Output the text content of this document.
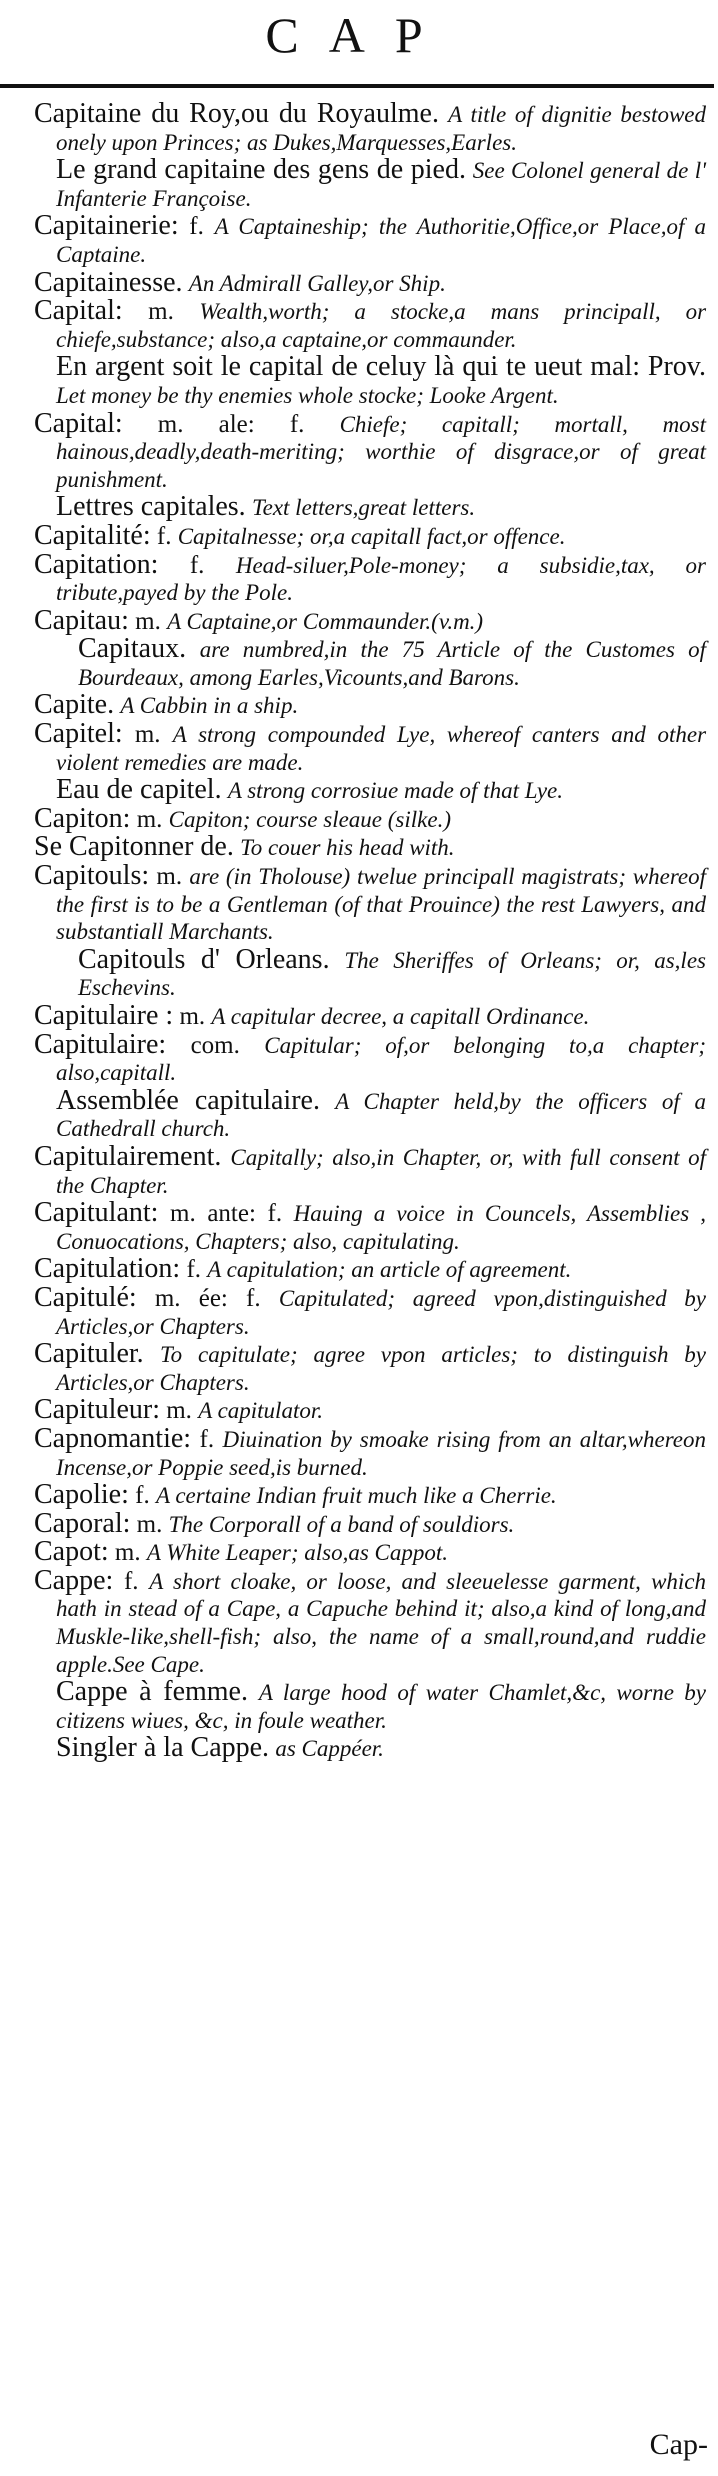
CAP
Capitaine du Roy,ou du Royaulme. A title of dignitie bestowed onely upon Princes; as Dukes,Marquesses,Earles.
Le grand capitaine des gens de pied. See Colonel general de l' Infanterie Françoise.
Capitainerie: f. A Captaineship; the Authoritie,Office,or Place,of a Captaine.
Capitainesse. An Admirall Galley,or Ship.
Capital: m. Wealth,worth; a stocke,a mans principall, or chiefe,substance; also,a captaine,or commaunder.
En argent soit le capital de celuy là qui te ueut mal: Prov. Let money be thy enemies whole stocke; Looke Argent.
Capital: m. ale: f. Chiefe; capitall; mortall, most hainous,deadly,death-meriting; worthie of disgrace,or of great punishment.
Lettres capitales. Text letters,great letters.
Capitalité: f. Capitalnesse; or,a capitall fact,or offence.
Capitation: f. Head-siluer,Pole-money; a subsidie,tax, or tribute,payed by the Pole.
Capitau: m. A Captaine,or Commaunder.(v.m.)
Capitaux. are numbred,in the 75 Article of the Customes of Bourdeaux, among Earles,Vicounts,and Barons.
Capite. A Cabbin in a ship.
Capitel: m. A strong compounded Lye, whereof canters and other violent remedies are made.
Eau de capitel. A strong corrosiue made of that Lye.
Capiton: m. Capiton; course sleaue (silke.)
Se Capitonner de. To couer his head with.
Capitouls: m. are (in Tholouse) twelue principall magistrats; whereof the first is to be a Gentleman (of that Prouince) the rest Lawyers, and substantiall Marchants.
Capitouls d' Orleans. The Sheriffes of Orleans; or, as,les Eschevins.
Capitulaire : m. A capitular decree, a capitall Ordinance.
Capitulaire: com. Capitular; of,or belonging to,a chapter; also,capitall.
Assemblée capitulaire. A Chapter held,by the officers of a Cathedrall church.
Capitulairement. Capitally; also,in Chapter, or, with full consent of the Chapter.
Capitulant: m. ante: f. Hauing a voice in Councels, Assemblies , Conuocations, Chapters; also, capitulating.
Capitulation: f. A capitulation; an article of agreement.
Capitulé: m. ée: f. Capitulated; agreed vpon,distinguished by Articles,or Chapters.
Capituler. To capitulate; agree vpon articles; to distinguish by Articles,or Chapters.
Capituleur: m. A capitulator.
Capnomantie: f. Diuination by smoake rising from an altar,whereon Incense,or Poppie seed,is burned.
Capolie: f. A certaine Indian fruit much like a Cherrie.
Caporal: m. The Corporall of a band of souldiors.
Capot: m. A White Leaper; also,as Cappot.
Cappe: f. A short cloake, or loose, and sleeuelesse garment, which hath in stead of a Cape, a Capuche behind it; also,a kind of long,and Muskle-like,shell-fish; also, the name of a small,round,and ruddie apple.See Cape.
Cappe à femme. A large hood of water Chamlet,&c, worne by citizens wiues, &c, in foule weather.
Singler à la Cappe. as Cappéer.
Cap-
